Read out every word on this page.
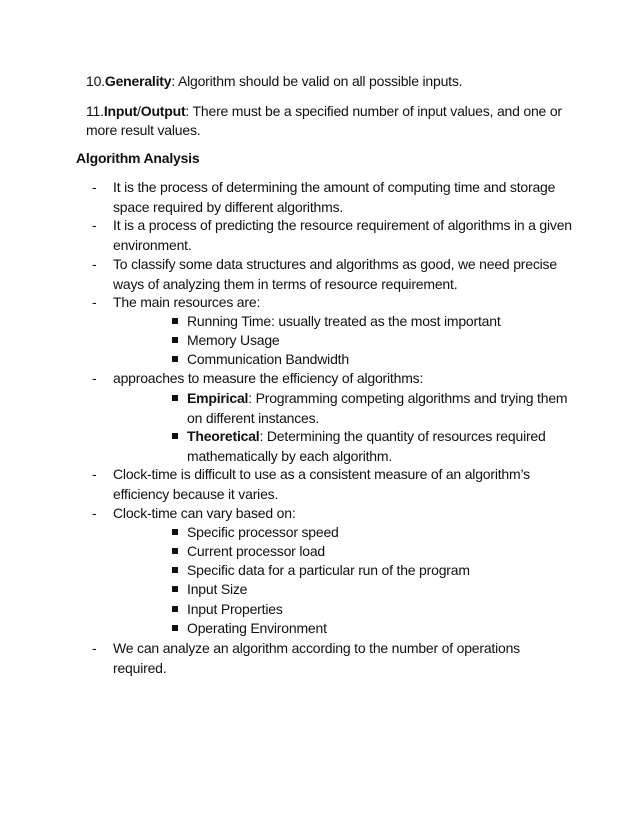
10.Generality: Algorithm should be valid on all possible inputs.
11.Input/Output: There must be a specified number of input values, and one or more result values.
Algorithm Analysis
- It is the process of determining the amount of computing time and storage space required by different algorithms.
- It is a process of predicting the resource requirement of algorithms in a given environment.
- To classify some data structures and algorithms as good, we need precise ways of analyzing them in terms of resource requirement.
- The main resources are:
Running Time: usually treated as the most important
Memory Usage
Communication Bandwidth
- approaches to measure the efficiency of algorithms:
Empirical: Programming competing algorithms and trying them on different instances.
Theoretical: Determining the quantity of resources required mathematically by each algorithm.
- Clock-time is difficult to use as a consistent measure of an algorithm’s efficiency because it varies.
- Clock-time can vary based on:
Specific processor speed
Current processor load
Specific data for a particular run of the program
Input Size
Input Properties
Operating Environment
- We can analyze an algorithm according to the number of operations required.
